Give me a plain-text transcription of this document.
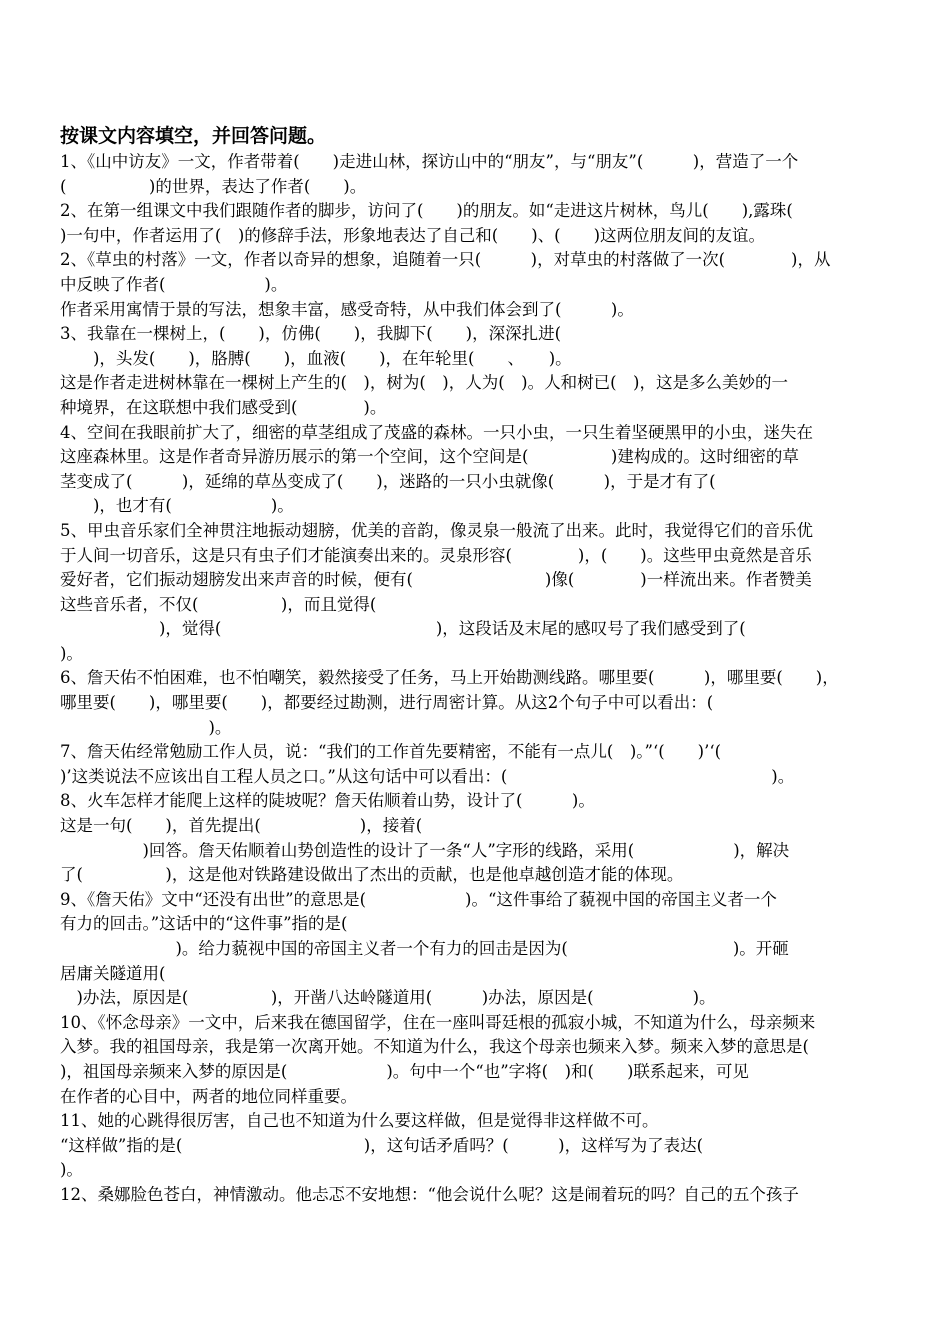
按课文内容填空，并回答问题。
1、《山中访友》一文，作者带着(　　)走进山林，探访山中的“朋友”，与“朋友”(　　　)，营造了一个
(　　　　　)的世界，表达了作者(　　)。
2、在第一组课文中我们跟随作者的脚步，访问了(　　)的朋友。如“走进这片树林，鸟儿(　　),露珠(
)一句中，作者运用了(　)的修辞手法，形象地表达了自己和(　　)、(　　)这两位朋友间的友谊。
2、《草虫的村落》一文，作者以奇异的想象，追随着一只(　　　)，对草虫的村落做了一次(　　　　)，从
中反映了作者(　　　　　　)。
作者采用寓情于景的写法，想象丰富，感受奇特，从中我们体会到了(　　　)。
3、我靠在一棵树上，(　　)，仿佛(　　)，我脚下(　　)，深深扎进(
　　)，头发(　　)，胳膊(　　)，血液(　　)，在年轮里(　　、　　)。
这是作者走进树林靠在一棵树上产生的(　)，树为(　)，人为(　)。人和树已(　)，这是多么美妙的一
种境界，在这联想中我们感受到(　　　　)。
4、空间在我眼前扩大了，细密的草茎组成了茂盛的森林。一只小虫，一只生着坚硬黑甲的小虫，迷失在
这座森林里。这是作者奇异游历展示的第一个空间，这个空间是(　　　　　)建构成的。这时细密的草
茎变成了(　　　)，延绵的草丛变成了(　　)，迷路的一只小虫就像(　　　)，于是才有了(
　　)，也才有(　　　　　　)。
5、甲虫音乐家们全神贯注地振动翅膀，优美的音韵，像灵泉一般流了出来。此时，我觉得它们的音乐优
于人间一切音乐，这是只有虫子们才能演奏出来的。灵泉形容(　　　　)，(　　)。这些甲虫竟然是音乐
爱好者，它们振动翅膀发出来声音的时候，便有(　　　　　　　　)像(　　　　)一样流出来。作者赞美
这些音乐者，不仅(　　　　　)，而且觉得(
　　　　　　)，觉得(　　　　　　　　　　　　　)，这段话及末尾的感叹号了我们感受到了(
)。
6、詹天佑不怕困难，也不怕嘲笑，毅然接受了任务，马上开始勘测线路。哪里要(　　　)，哪里要(　　)，
哪里要(　　)，哪里要(　　)，都要经过勘测，进行周密计算。从这2个句子中可以看出：(
　　　　　　　　　)。
7、詹天佑经常勉励工作人员，说：“我们的工作首先要精密，不能有一点儿(　)。”‘(　　)’‘(
)’这类说法不应该出自工程人员之口。”从这句话中可以看出：(　　　　　　　　　　　　　　　　)。
8、火车怎样才能爬上这样的陡坡呢？詹天佑顺着山势，设计了(　　　)。
这是一句(　　)，首先提出(　　　　　　)，接着(
　　　　　)回答。詹天佑顺着山势创造性的设计了一条“人”字形的线路，采用(　　　　　　)，解决
了(　　　　　)，这是他对铁路建设做出了杰出的贡献，也是他卓越创造才能的体现。
9、《詹天佑》文中“还没有出世”的意思是(　　　　　　)。“这件事给了藐视中国的帝国主义者一个
有力的回击。”这话中的“这件事”指的是(
　　　　　　　)。给力藐视中国的帝国主义者一个有力的回击是因为(　　　　　　　　　　)。开砸
居庸关隧道用(
　)办法，原因是(　　　　　)，开凿八达岭隧道用(　　　)办法，原因是(　　　　　　)。
10、《怀念母亲》一文中，后来我在德国留学，住在一座叫哥廷根的孤寂小城，不知道为什么，母亲频来
入梦。我的祖国母亲，我是第一次离开她。不知道为什么，我这个母亲也频来入梦。频来入梦的意思是(
)，祖国母亲频来入梦的原因是(　　　　　　)。句中一个“也”字将(　)和(　　)联系起来，可见
在作者的心目中，两者的地位同样重要。
11、她的心跳得很厉害，自己也不知道为什么要这样做，但是觉得非这样做不可。
“这样做”指的是(　　　　　　　　　　　)，这句话矛盾吗？(　　　)，这样写为了表达(
)。
12、桑娜脸色苍白，神情激动。他忐忑不安地想：“他会说什么呢？这是闹着玩的吗？自己的五个孩子
